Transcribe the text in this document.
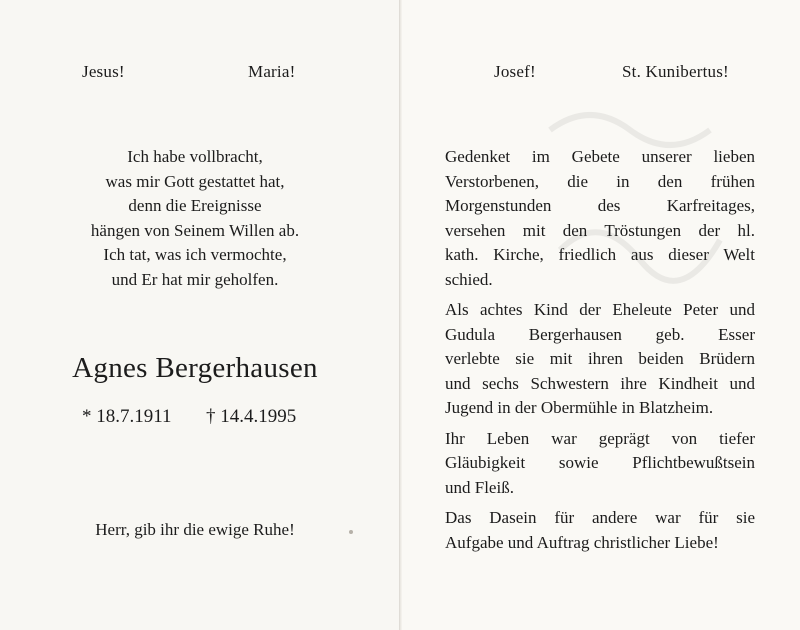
Jesus!	Maria!
Ich habe vollbracht,
was mir Gott gestattet hat,
denn die Ereignisse
hängen von Seinem Willen ab.
Ich tat, was ich vermochte,
und Er hat mir geholfen.
Agnes Bergerhausen
* 18.7.1911 † 14.4.1995
Herr, gib ihr die ewige Ruhe!
Josef!	St. Kunibertus!

Gedenket im Gebete unserer lieben
Verstorbenen, die in den frühen
Morgenstunden des Karfreitages,
versehen mit den Tröstungen der hl.
kath. Kirche, friedlich aus dieser Welt
schied.

Als achtes Kind der Eheleute Peter und
Gudula Bergerhausen geb. Esser
verlebte sie mit ihren beiden Brüdern
und sechs Schwestern ihre Kindheit und
Jugend in der Obermühle in Blatzheim.

Ihr Leben war geprägt von tiefer
Gläubigkeit sowie Pflichtbewußtsein
und Fleiß.

Das Dasein für andere war für sie
Aufgabe und Auftrag christlicher Liebe!
